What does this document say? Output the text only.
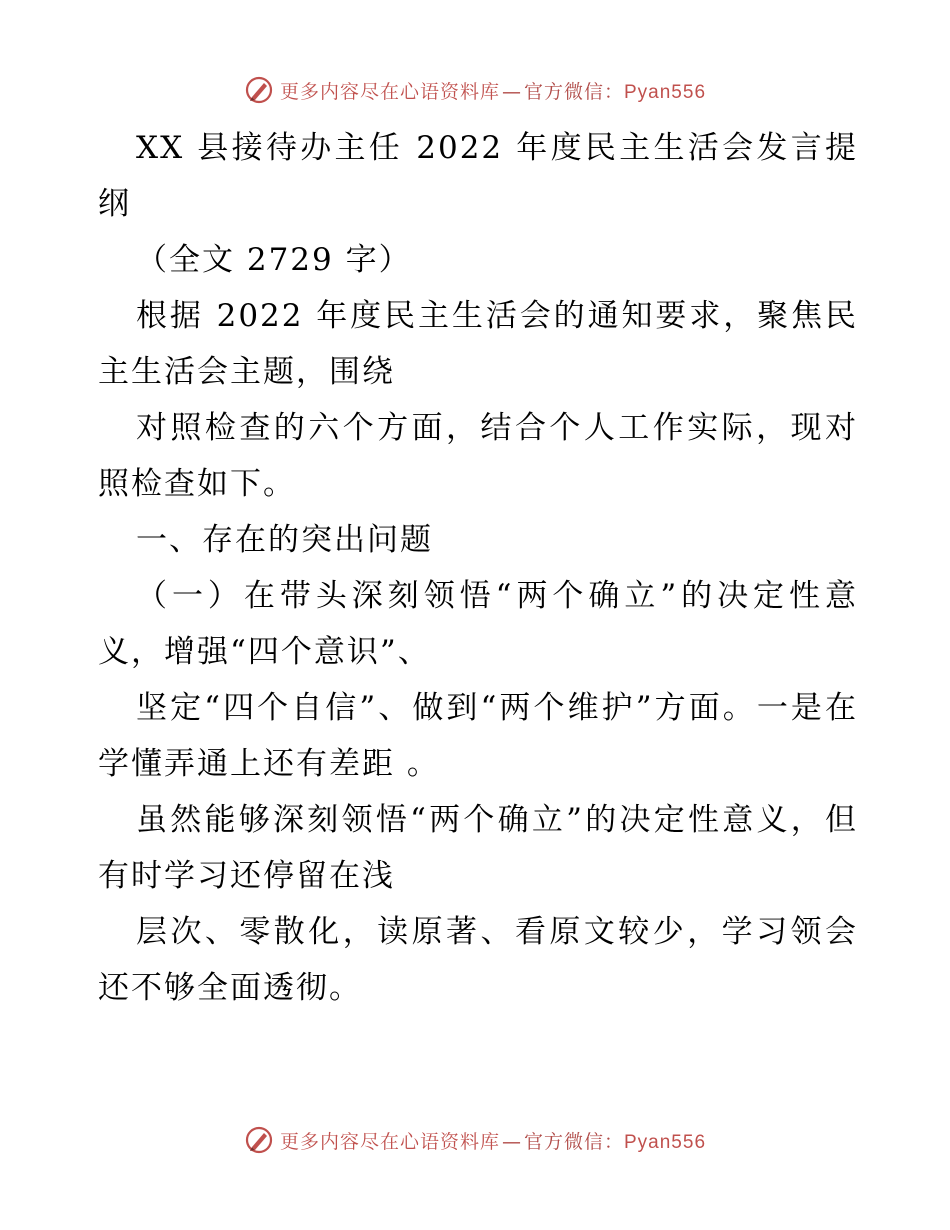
更多内容尽在心语资料库 — 官方微信：Pyan556

XX 县接待办主任 2022 年度民主生活会发言提纲

（全文 2729 字）

根据 2022 年度民主生活会的通知要求，聚焦民主生活会主题，围绕

对照检查的六个方面，结合个人工作实际，现对照检查如下。

一、存在的突出问题

（一）在带头深刻领悟“两个确立”的决定性意义，增强“四个意识”、

坚定“四个自信”、做到“两个维护”方面。一是在学懂弄通上还有差距 。

虽然能够深刻领悟“两个确立”的决定性意义，但有时学习还停留在浅

层次、零散化，读原著、看原文较少，学习领会还不够全面透彻。

更多内容尽在心语资料库 — 官方微信：Pyan556
